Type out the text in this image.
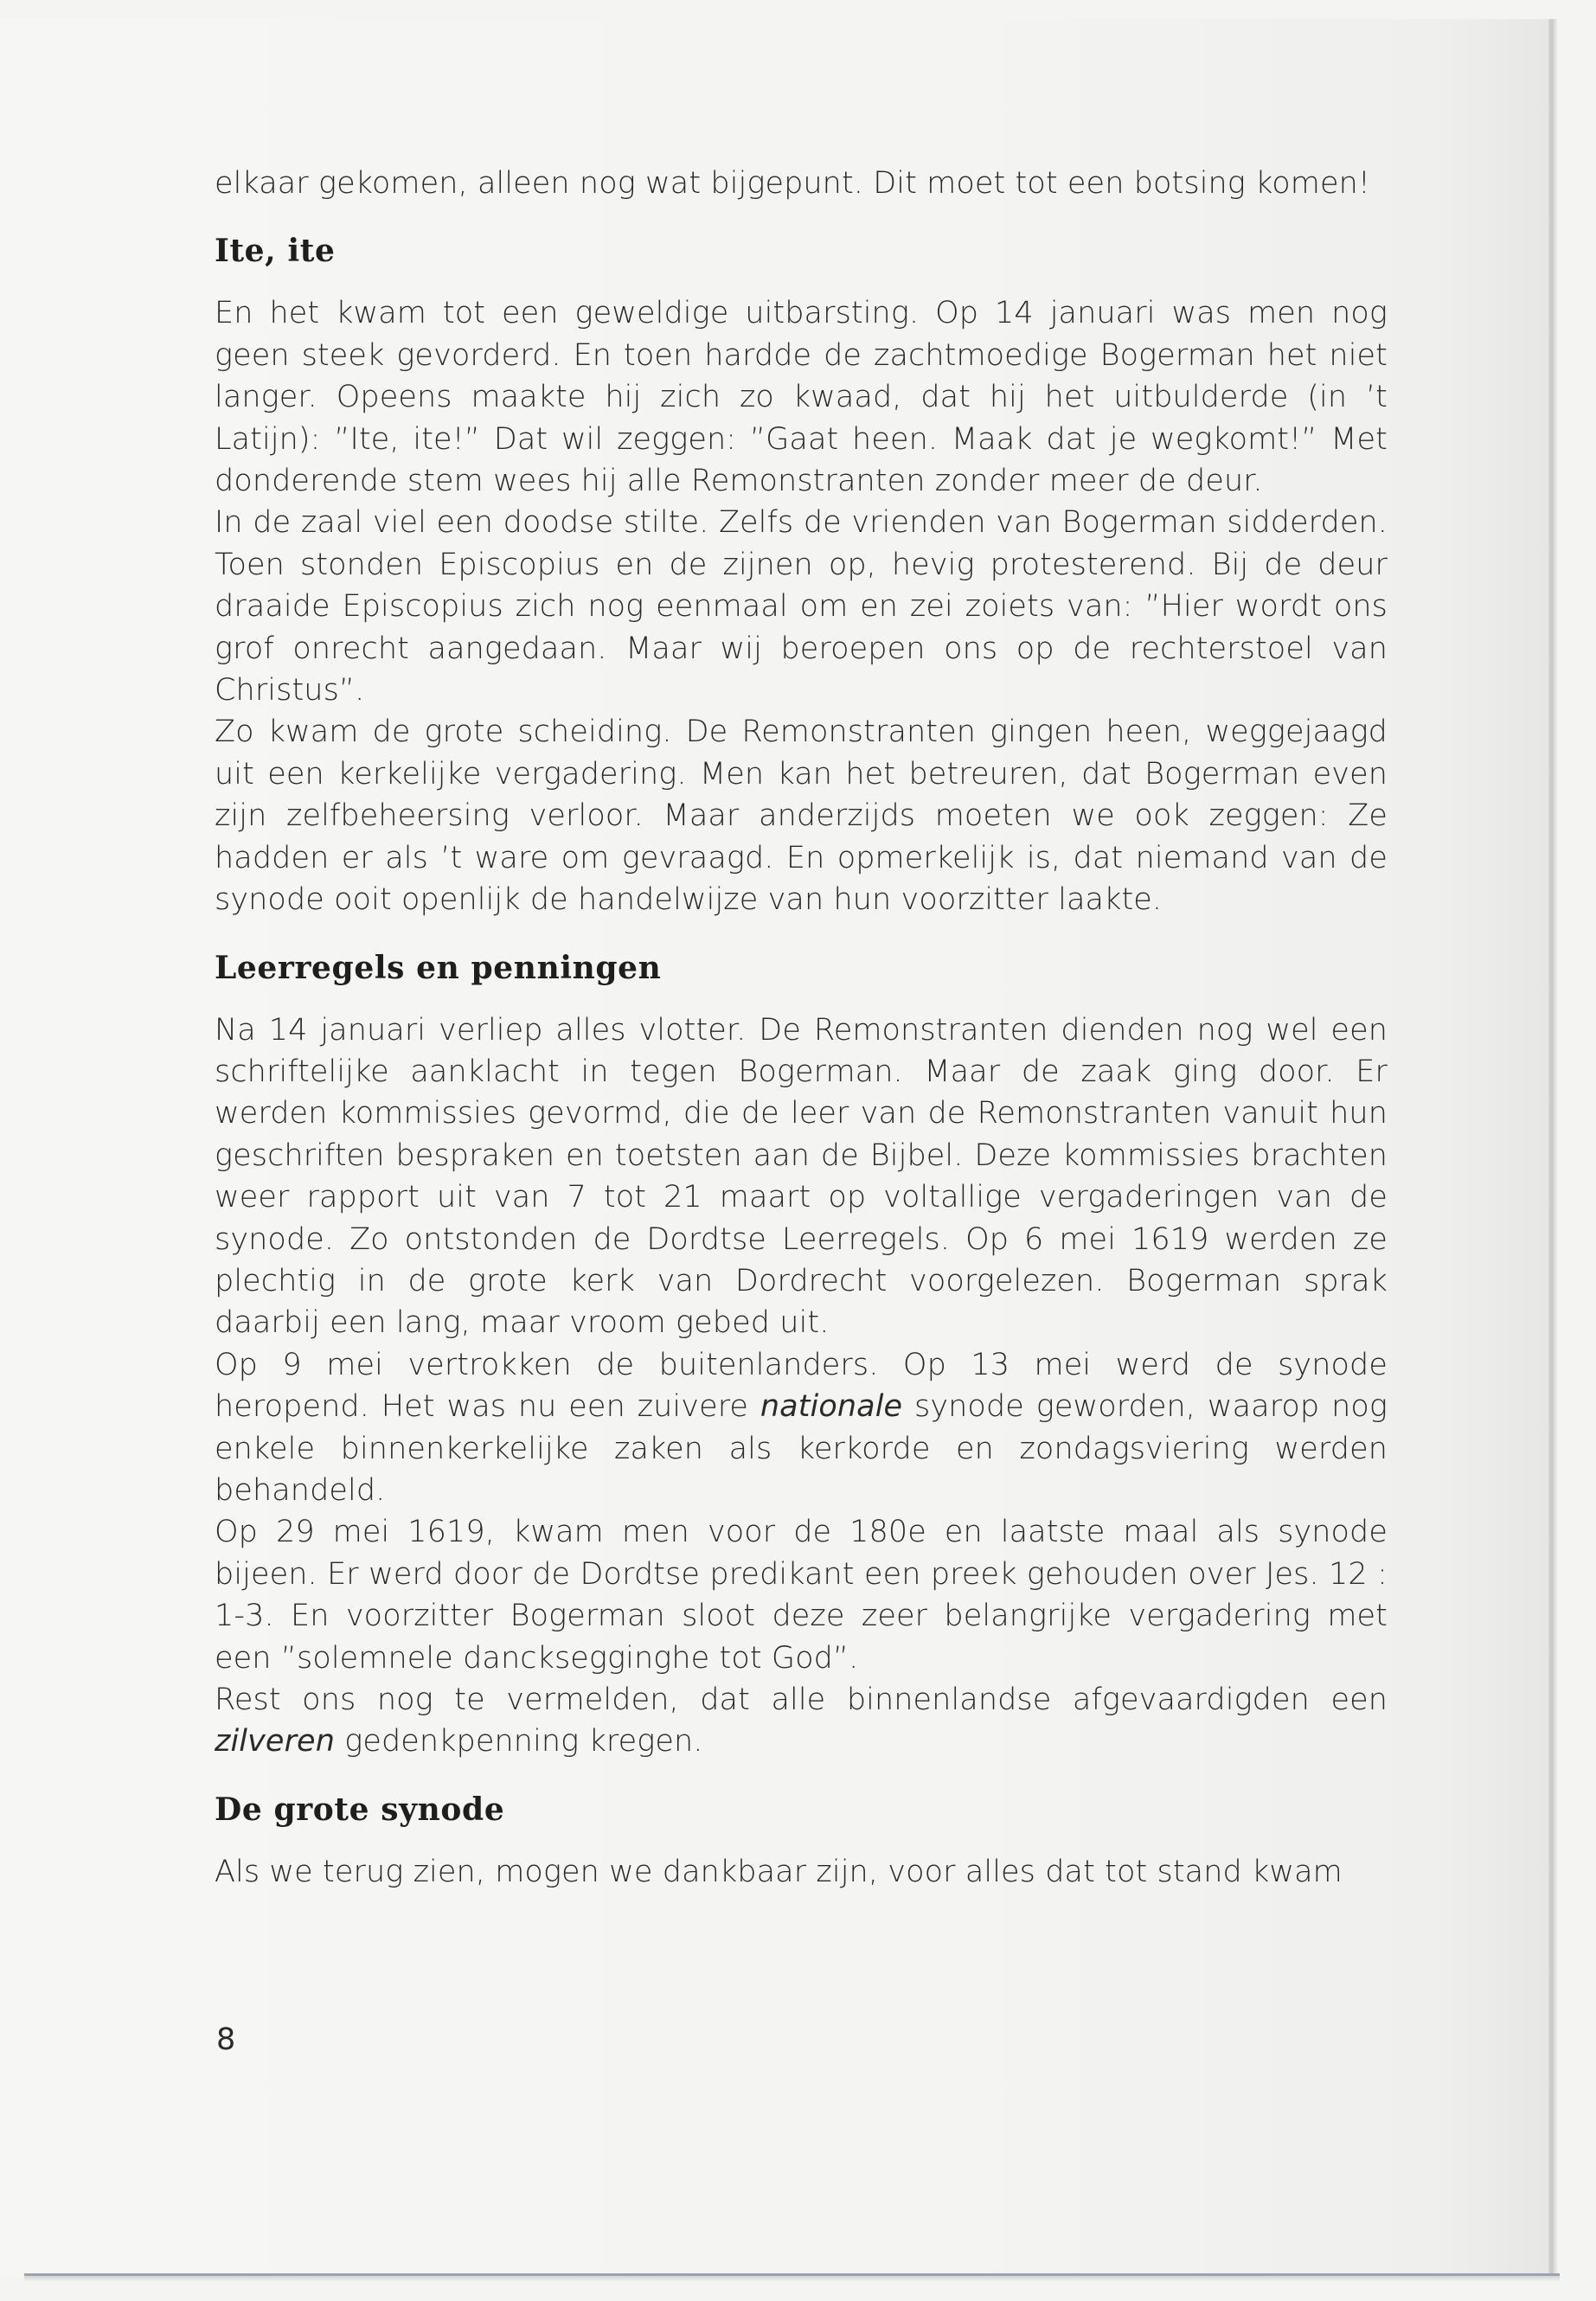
elkaar gekomen, alleen nog wat bijgepunt. Dit moet tot een botsing komen!

Ite, ite

En het kwam tot een geweldige uitbarsting. Op 14 januari was men nog geen steek gevorderd. En toen hardde de zachtmoedige Bogerman het niet langer. Opeens maakte hij zich zo kwaad, dat hij het uitbulderde (in ’t Latijn): ”Ite, ite!” Dat wil zeggen: ”Gaat heen. Maak dat je wegkomt!” Met donderende stem wees hij alle Remonstranten zonder meer de deur.

In de zaal viel een doodse stilte. Zelfs de vrienden van Bogerman sidderden. Toen stonden Episcopius en de zijnen op, hevig protesterend. Bij de deur draaide Episcopius zich nog eenmaal om en zei zoiets van: ”Hier wordt ons grof onrecht aangedaan. Maar wij beroepen ons op de rechterstoel van Christus”.

Zo kwam de grote scheiding. De Remonstranten gingen heen, weggejaagd uit een kerkelijke vergadering. Men kan het betreuren, dat Bogerman even zijn zelfbeheersing verloor. Maar anderzijds moeten we ook zeggen: Ze hadden er als ’t ware om gevraagd. En opmerkelijk is, dat niemand van de synode ooit openlijk de handelwijze van hun voorzitter laakte.

Leerregels en penningen

Na 14 januari verliep alles vlotter. De Remonstranten dienden nog wel een schriftelijke aanklacht in tegen Bogerman. Maar de zaak ging door. Er werden kommissies gevormd, die de leer van de Remonstranten vanuit hun geschriften bespraken en toetsten aan de Bijbel. Deze kommissies brachten weer rapport uit van 7 tot 21 maart op voltallige vergaderingen van de synode. Zo ontstonden de Dordtse Leerregels. Op 6 mei 1619 werden ze plechtig in de grote kerk van Dordrecht voorgelezen. Bogerman sprak daarbij een lang, maar vroom gebed uit.

Op 9 mei vertrokken de buitenlanders. Op 13 mei werd de synode heropend. Het was nu een zuivere nationale synode geworden, waarop nog enkele binnenkerkelijke zaken als kerkorde en zondagsviering werden behandeld.

Op 29 mei 1619, kwam men voor de 180e en laatste maal als synode bijeen. Er werd door de Dordtse predikant een preek gehouden over Jes. 12 : 1-3. En voorzitter Bogerman sloot deze zeer belangrijke vergadering met een ”solemnele dancksegginghe tot God”.

Rest ons nog te vermelden, dat alle binnenlandse afgevaardigden een zilveren gedenkpenning kregen.

De grote synode

Als we terug zien, mogen we dankbaar zijn, voor alles dat tot stand kwam

8
